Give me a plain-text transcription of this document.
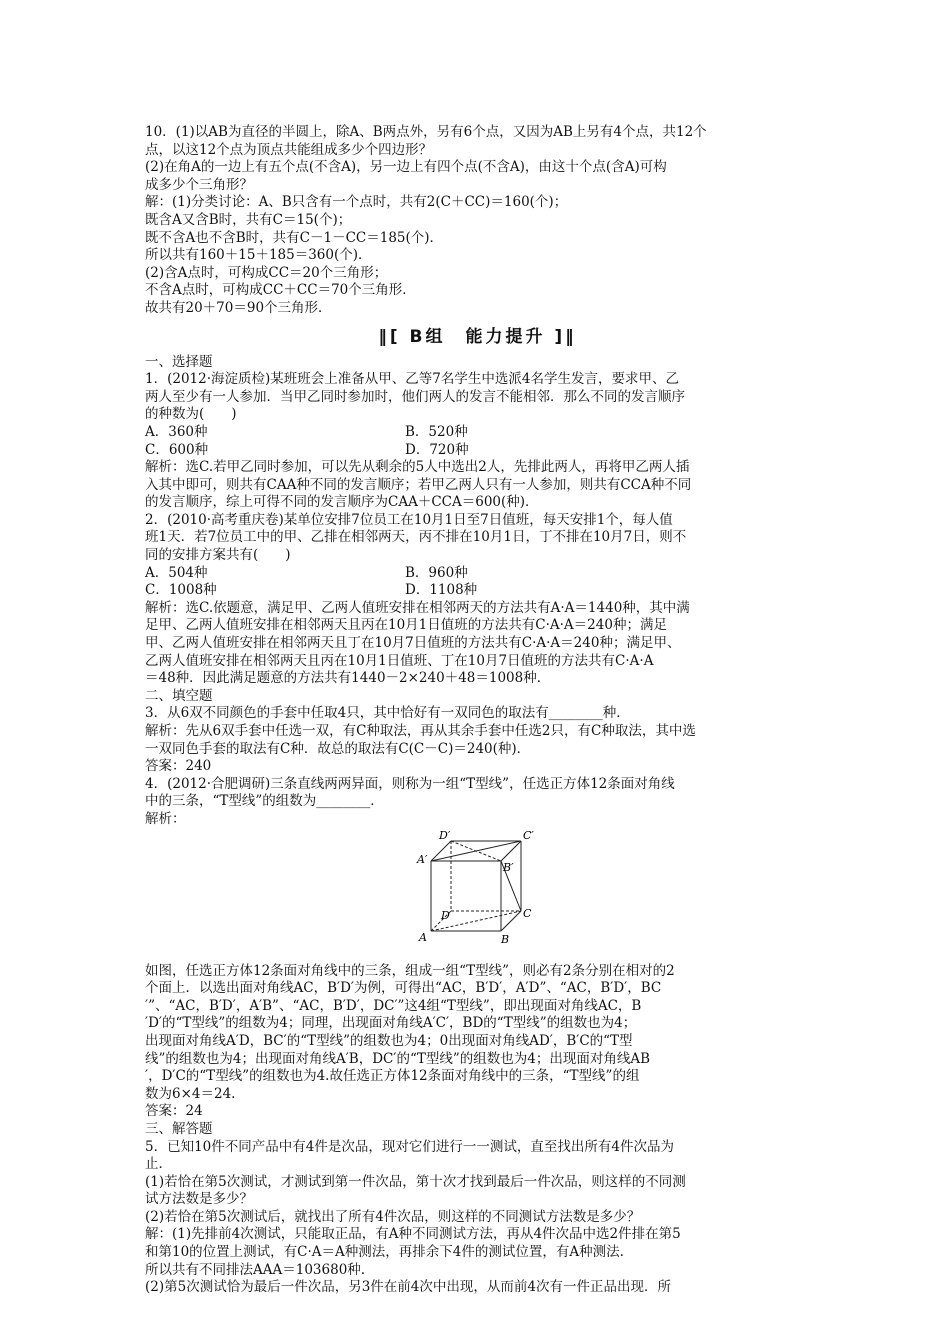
10．(1)以AB为直径的半圆上，除A、B两点外，另有6个点，又因为AB上另有4个点，共12个
点，以这12个点为顶点共能组成多少个四边形？
(2)在角A的一边上有五个点(不含A)，另一边上有四个点(不含A)，由这十个点(含A)可构
成多少个三角形？
解：(1)分类讨论：A、B只含有一个点时，共有2(C＋CC)＝160(个)；
既含A又含B时，共有C＝15(个)；
既不含A也不含B时，共有C－1－CC＝185(个)．
所以共有160＋15＋185＝360(个)．
(2)含A点时，可构成CC＝20个三角形；
不含A点时，可构成CC＋CC＝70个三角形．
故共有20＋70＝90个三角形．
‖[ B组　能力提升 ]‖
一、选择题
1．(2012·海淀质检)某班班会上准备从甲、乙等7名学生中选派4名学生发言，要求甲、乙
两人至少有一人参加．当甲乙同时参加时，他们两人的发言不能相邻．那么不同的发言顺序
的种数为(　　)
A．360种	B．520种
C．600种	D．720种
解析：选C.若甲乙同时参加，可以先从剩余的5人中选出2人，先排此两人，再将甲乙两人插
入其中即可，则共有CAA种不同的发言顺序；若甲乙两人只有一人参加，则共有CCA种不同
的发言顺序，综上可得不同的发言顺序为CAA＋CCA＝600(种)．
2．(2010·高考重庆卷)某单位安排7位员工在10月1日至7日值班，每天安排1个，每人值
班1天．若7位员工中的甲、乙排在相邻两天，丙不排在10月1日，丁不排在10月7日，则不
同的安排方案共有(　　)
A．504种	B．960种
C．1008种	D．1108种
解析：选C.依题意，满足甲、乙两人值班安排在相邻两天的方法共有A·A＝1440种，其中满
足甲、乙两人值班安排在相邻两天且丙在10月1日值班的方法共有C·A·A＝240种；满足
甲、乙两人值班安排在相邻两天且丁在10月7日值班的方法共有C·A·A＝240种；满足甲、
乙两人值班安排在相邻两天且丙在10月1日值班、丁在10月7日值班的方法共有C·A·A
＝48种．因此满足题意的方法共有1440－2×240＋48＝1008种．
二、填空题
3．从6双不同颜色的手套中任取4只，其中恰好有一双同色的取法有________种．
解析：先从6双手套中任选一双，有C种取法，再从其余手套中任选2只，有C种取法，其中选
一双同色手套的取法有C种．故总的取法有C(C－C)＝240(种)．
答案：240
4．(2012·合肥调研)三条直线两两异面，则称为一组“T型线”，任选正方体12条面对角线
中的三条，“T型线”的组数为________．
解析：
D′	C′
A′
B′
D	C
A	B
如图，任选正方体12条面对角线中的三条，组成一组“T型线”，则必有2条分别在相对的2
个面上．以选出面对角线AC，B′D′为例，可得出“AC，B′D′，A′D”、“AC，B′D′，BC
′”、“AC，B′D′，A′B”、“AC，B′D′，DC′”这4组“T型线”，即出现面对角线AC，B
′D′的“T型线”的组数为4；同理，出现面对角线A′C′，BD的“T型线”的组数也为4；
出现面对角线A′D，BC′的“T型线”的组数也为4；0出现面对角线AD′，B′C的“T型
线”的组数也为4；出现面对角线A′B，DC′的“T型线”的组数也为4；出现面对角线AB
′，D′C的“T型线”的组数也为4.故任选正方体12条面对角线中的三条，“T型线”的组
数为6×4＝24.
答案：24
三、解答题
5．已知10件不同产品中有4件是次品，现对它们进行一一测试，直至找出所有4件次品为
止．
(1)若恰在第5次测试，才测试到第一件次品，第十次才找到最后一件次品，则这样的不同测
试方法数是多少？
(2)若恰在第5次测试后，就找出了所有4件次品，则这样的不同测试方法数是多少？
解：(1)先排前4次测试，只能取正品，有A种不同测试方法，再从4件次品中选2件排在第5
和第10的位置上测试，有C·A＝A种测法，再排余下4件的测试位置，有A种测法.
所以共有不同排法AAA＝103680种.
(2)第5次测试恰为最后一件次品，另3件在前4次中出现，从而前4次有一件正品出现．所
